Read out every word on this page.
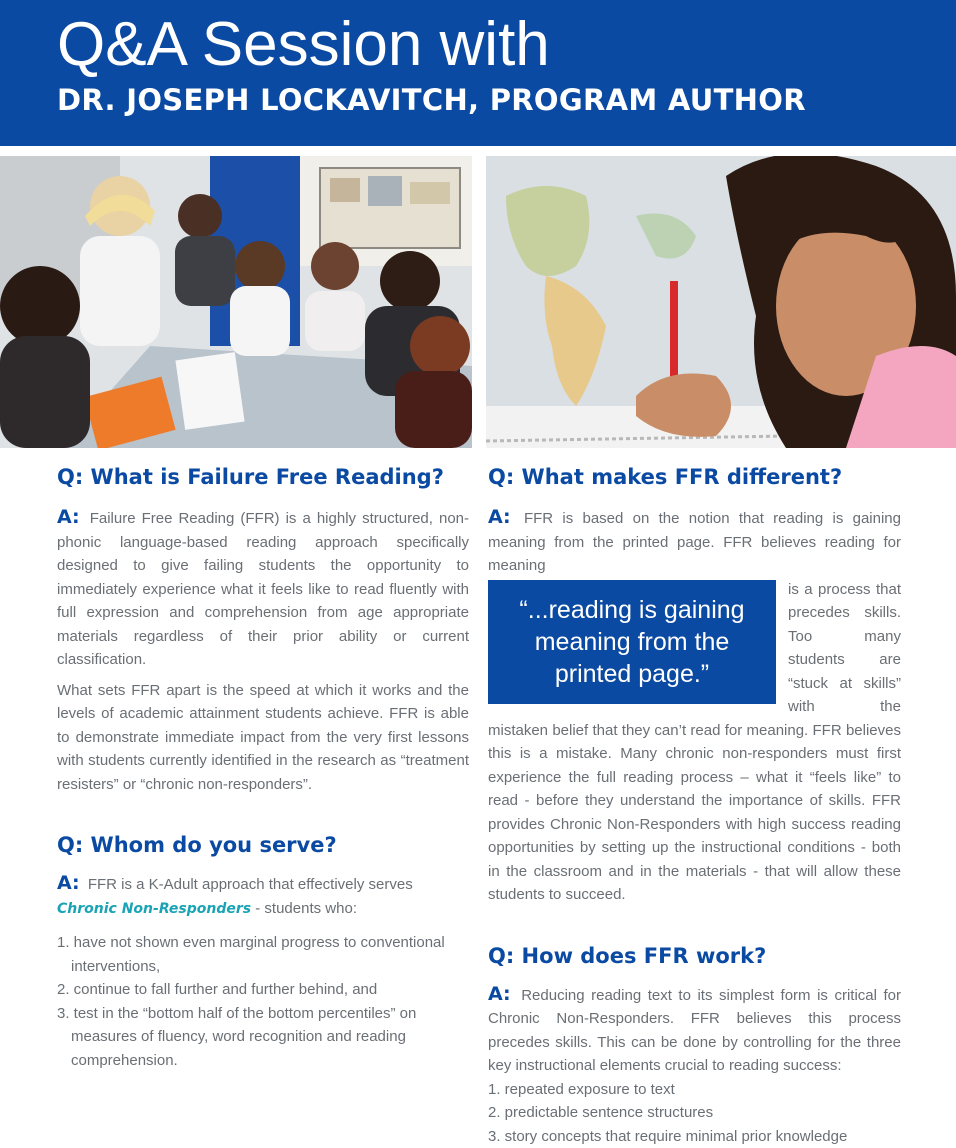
Q&A Session with
DR. JOSEPH LOCKAVITCH, PROGRAM AUTHOR
Q: What is Failure Free Reading?

A: Failure Free Reading (FFR) is a highly structured, non-phonic language-based reading approach specifically designed to give failing students the opportunity to immediately experience what it feels like to read fluently with full expression and comprehension from age appropriate materials regardless of their prior ability or current classification.

What sets FFR apart is the speed at which it works and the levels of academic attainment students achieve. FFR is able to demonstrate immediate impact from the very first lessons with students currently identified in the research as “treatment resisters” or “chronic non-responders”.

Q: Whom do you serve?

A: FFR is a K-Adult approach that effectively serves
Chronic Non-Responders - students who:

1. have not shown even marginal progress to conventional interventions,
2. continue to fall further and further behind, and
3. test in the “bottom half of the bottom percentiles” on measures of fluency, word recognition and reading comprehension.
Q: What makes FFR different?

A: FFR is based on the notion that reading is gaining meaning from the printed page. FFR believes reading for meaning

“...reading is gaining meaning from the printed page.”

is a process that precedes skills. Too many students are “stuck at skills” with the mistaken belief that they can’t read for meaning. FFR believes this is a mistake. Many chronic non-responders must first experience the full reading process – what it “feels like” to read - before they understand the importance of skills. FFR provides Chronic Non-Responders with high success reading opportunities by setting up the instructional conditions - both in the classroom and in the materials - that will allow these students to succeed.

Q: How does FFR work?

A: Reducing reading text to its simplest form is critical for Chronic Non-Responders. FFR believes this process precedes skills. This can be done by controlling for the three key instructional elements crucial to reading success:

1. repeated exposure to text
2. predictable sentence structures
3. story concepts that require minimal prior knowledge
